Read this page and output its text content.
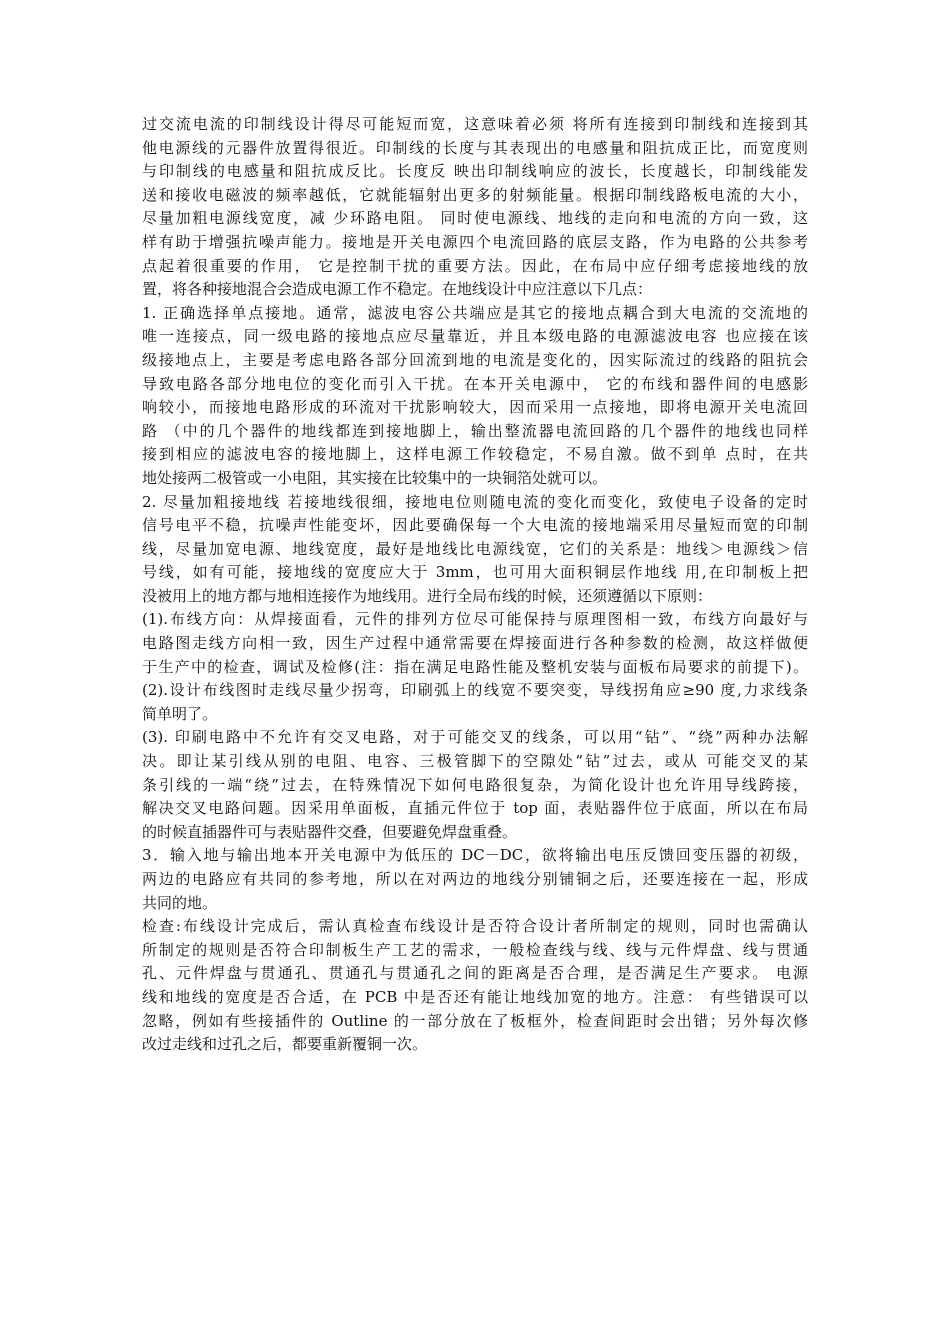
过交流电流的印制线设计得尽可能短而宽，这意味着必须 将所有连接到印制线和连接到其
他电源线的元器件放置得很近。印制线的长度与其表现出的电感量和阻抗成正比，而宽度则
与印制线的电感量和阻抗成反比。长度反 映出印制线响应的波长，长度越长，印制线能发
送和接收电磁波的频率越低，它就能辐射出更多的射频能量。根据印制线路板电流的大小，
尽量加粗电源线宽度，减 少环路电阻。 同时使电源线、地线的走向和电流的方向一致，这
样有助于增强抗噪声能力。接地是开关电源四个电流回路的底层支路，作为电路的公共参考
点起着很重要的作用， 它是控制干扰的重要方法。因此，在布局中应仔细考虑接地线的放
置，将各种接地混合会造成电源工作不稳定。在地线设计中应注意以下几点：
1. 正确选择单点接地。通常，滤波电容公共端应是其它的接地点耦合到大电流的交流地的
唯一连接点，同一级电路的接地点应尽量靠近，并且本级电路的电源滤波电容 也应接在该
级接地点上，主要是考虑电路各部分回流到地的电流是变化的，因实际流过的线路的阻抗会
导致电路各部分地电位的变化而引入干扰。在本开关电源中， 它的布线和器件间的电感影
响较小，而接地电路形成的环流对干扰影响较大，因而采用一点接地，即将电源开关电流回
路 （中的几个器件的地线都连到接地脚上，输出整流器电流回路的几个器件的地线也同样
接到相应的滤波电容的接地脚上，这样电源工作较稳定，不易自激。做不到单 点时，在共
地处接两二极管或一小电阻，其实接在比较集中的一块铜箔处就可以。
2. 尽量加粗接地线 若接地线很细，接地电位则随电流的变化而变化，致使电子设备的定时
信号电平不稳，抗噪声性能变坏，因此要确保每一个大电流的接地端采用尽量短而宽的印制
线，尽量加宽电源、地线宽度，最好是地线比电源线宽，它们的关系是：地线＞电源线＞信
号线，如有可能，接地线的宽度应大于 3mm，也可用大面积铜层作地线 用,在印制板上把
没被用上的地方都与地相连接作为地线用。进行全局布线的时候，还须遵循以下原则：
(1).布线方向：从焊接面看，元件的排列方位尽可能保持与原理图相一致，布线方向最好与
电路图走线方向相一致，因生产过程中通常需要在焊接面进行各种参数的检测，故这样做便
于生产中的检查，调试及检修(注：指在满足电路性能及整机安装与面板布局要求的前提下)。
(2).设计布线图时走线尽量少拐弯，印刷弧上的线宽不要突变，导线拐角应≥90 度,力求线条
简单明了。
(3). 印刷电路中不允许有交叉电路，对于可能交叉的线条，可以用“钻”、“绕”两种办法解
决。即让某引线从别的电阻、电容、三极管脚下的空隙处“钻”过去，或从 可能交叉的某
条引线的一端“绕”过去，在特殊情况下如何电路很复杂，为简化设计也允许用导线跨接，
解决交叉电路问题。因采用单面板，直插元件位于 top 面，表贴器件位于底面，所以在布局
的时候直插器件可与表贴器件交叠，但要避免焊盘重叠。
3．输入地与输出地本开关电源中为低压的 DC－DC，欲将输出电压反馈回变压器的初级，
两边的电路应有共同的参考地，所以在对两边的地线分别铺铜之后，还要连接在一起，形成
共同的地。
检查:布线设计完成后，需认真检查布线设计是否符合设计者所制定的规则，同时也需确认
所制定的规则是否符合印制板生产工艺的需求，一般检查线与线、线与元件焊盘、线与贯通
孔、元件焊盘与贯通孔、贯通孔与贯通孔之间的距离是否合理，是否满足生产要求。 电源
线和地线的宽度是否合适，在 PCB 中是否还有能让地线加宽的地方。注意： 有些错误可以
忽略，例如有些接插件的 Outline 的一部分放在了板框外，检查间距时会出错；另外每次修
改过走线和过孔之后，都要重新覆铜一次。
